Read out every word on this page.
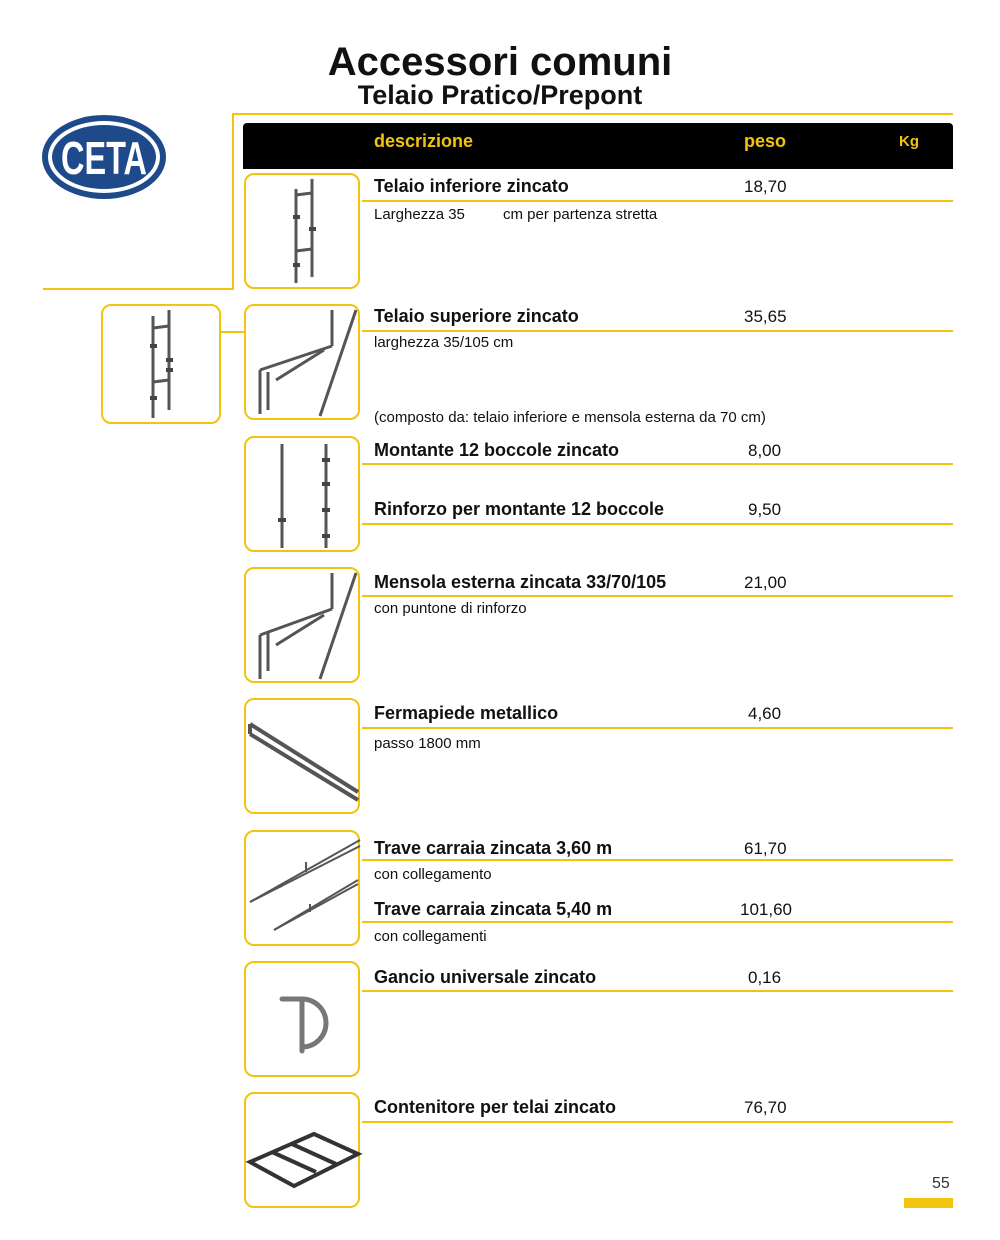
Accessori comuni
Telaio Pratico/Prepont
CETA	descrizione	peso	Kg
Telaio inferiore zincato	18,70
Larghezza 35	cm per partenza stretta
Telaio superiore zincato	35,65
larghezza 35/105 cm
(composto da: telaio inferiore e mensola esterna da 70 cm)
Montante 12 boccole zincato	8,00
Rinforzo per montante 12 boccole	9,50
Mensola esterna zincata 33/70/105	21,00
con puntone di rinforzo
Fermapiede metallico	4,60
passo 1800 mm
Trave carraia zincata 3,60 m	61,70
con collegamento
Trave carraia zincata 5,40 m	101,60
con collegamenti
Gancio universale zincato	0,16
Contenitore per telai zincato	76,70
55
